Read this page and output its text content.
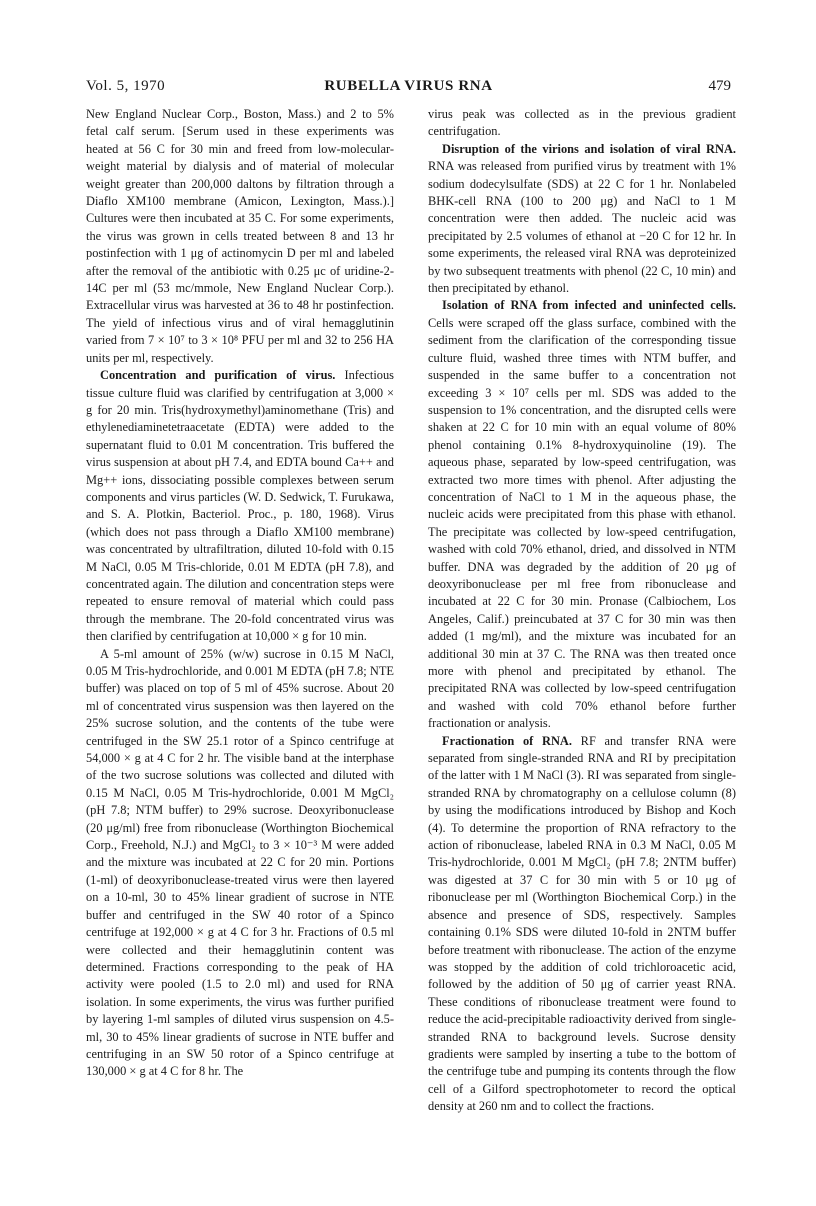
Vol. 5, 1970	RUBELLA VIRUS RNA	479

New England Nuclear Corp., Boston, Mass.) and 2 to 5% fetal calf serum. [Serum used in these experiments was heated at 56 C for 30 min and freed from low-molecular-weight material by dialysis and of material of molecular weight greater than 200,000 daltons by filtration through a Diaflo XM100 membrane (Amicon, Lexington, Mass.).] Cultures were then incubated at 35 C. For some experiments, the virus was grown in cells treated between 8 and 13 hr postinfection with 1 μg of actinomycin D per ml and labeled after the removal of the antibiotic with 0.25 μc of uridine-2-14C per ml (53 mc/mmole, New England Nuclear Corp.). Extracellular virus was harvested at 36 to 48 hr postinfection. The yield of infectious virus and of viral hemagglutinin varied from 7 × 10⁷ to 3 × 10⁸ PFU per ml and 32 to 256 HA units per ml, respectively.

Concentration and purification of virus. Infectious tissue culture fluid was clarified by centrifugation at 3,000 × g for 20 min. Tris(hydroxymethyl)aminomethane (Tris) and ethylenediaminetetraacetate (EDTA) were added to the supernatant fluid to 0.01 M concentration. Tris buffered the virus suspension at about pH 7.4, and EDTA bound Ca++ and Mg++ ions, dissociating possible complexes between serum components and virus particles (W. D. Sedwick, T. Furukawa, and S. A. Plotkin, Bacteriol. Proc., p. 180, 1968). Virus (which does not pass through a Diaflo XM100 membrane) was concentrated by ultrafiltration, diluted 10-fold with 0.15 M NaCl, 0.05 M Tris-chloride, 0.01 M EDTA (pH 7.8), and concentrated again. The dilution and concentration steps were repeated to ensure removal of material which could pass through the membrane. The 20-fold concentrated virus was then clarified by centrifugation at 10,000 × g for 10 min.

A 5-ml amount of 25% (w/w) sucrose in 0.15 M NaCl, 0.05 M Tris-hydrochloride, and 0.001 M EDTA (pH 7.8; NTE buffer) was placed on top of 5 ml of 45% sucrose. About 20 ml of concentrated virus suspension was then layered on the 25% sucrose solution, and the contents of the tube were centrifuged in the SW 25.1 rotor of a Spinco centrifuge at 54,000 × g at 4 C for 2 hr. The visible band at the interphase of the two sucrose solutions was collected and diluted with 0.15 M NaCl, 0.05 M Tris-hydrochloride, 0.001 M MgCl₂ (pH 7.8; NTM buffer) to 29% sucrose. Deoxyribonuclease (20 μg/ml) free from ribonuclease (Worthington Biochemical Corp., Freehold, N.J.) and MgCl₂ to 3 × 10⁻³ M were added and the mixture was incubated at 22 C for 20 min. Portions (1-ml) of deoxyribonuclease-treated virus were then layered on a 10-ml, 30 to 45% linear gradient of sucrose in NTE buffer and centrifuged in the SW 40 rotor of a Spinco centrifuge at 192,000 × g at 4 C for 3 hr. Fractions of 0.5 ml were collected and their hemagglutinin content was determined. Fractions corresponding to the peak of HA activity were pooled (1.5 to 2.0 ml) and used for RNA isolation. In some experiments, the virus was further purified by layering 1-ml samples of diluted virus suspension on 4.5-ml, 30 to 45% linear gradients of sucrose in NTE buffer and centrifuging in an SW 50 rotor of a Spinco centrifuge at 130,000 × g at 4 C for 8 hr. The

virus peak was collected as in the previous gradient centrifugation.

Disruption of the virions and isolation of viral RNA. RNA was released from purified virus by treatment with 1% sodium dodecylsulfate (SDS) at 22 C for 1 hr. Nonlabeled BHK-cell RNA (100 to 200 μg) and NaCl to 1 M concentration were then added. The nucleic acid was precipitated by 2.5 volumes of ethanol at −20 C for 12 hr. In some experiments, the released viral RNA was deproteinized by two subsequent treatments with phenol (22 C, 10 min) and then precipitated by ethanol.

Isolation of RNA from infected and uninfected cells. Cells were scraped off the glass surface, combined with the sediment from the clarification of the corresponding tissue culture fluid, washed three times with NTM buffer, and suspended in the same buffer to a concentration not exceeding 3 × 10⁷ cells per ml. SDS was added to the suspension to 1% concentration, and the disrupted cells were shaken at 22 C for 10 min with an equal volume of 80% phenol containing 0.1% 8-hydroxyquinoline (19). The aqueous phase, separated by low-speed centrifugation, was extracted two more times with phenol. After adjusting the concentration of NaCl to 1 M in the aqueous phase, the nucleic acids were precipitated from this phase with ethanol. The precipitate was collected by low-speed centrifugation, washed with cold 70% ethanol, dried, and dissolved in NTM buffer. DNA was degraded by the addition of 20 μg of deoxyribonuclease per ml free from ribonuclease and incubated at 22 C for 30 min. Pronase (Calbiochem, Los Angeles, Calif.) preincubated at 37 C for 30 min was then added (1 mg/ml), and the mixture was incubated for an additional 30 min at 37 C. The RNA was then treated once more with phenol and precipitated by ethanol. The precipitated RNA was collected by low-speed centrifugation and washed with cold 70% ethanol before further fractionation or analysis.

Fractionation of RNA. RF and transfer RNA were separated from single-stranded RNA and RI by precipitation of the latter with 1 M NaCl (3). RI was separated from single-stranded RNA by chromatography on a cellulose column (8) by using the modifications introduced by Bishop and Koch (4). To determine the proportion of RNA refractory to the action of ribonuclease, labeled RNA in 0.3 M NaCl, 0.05 M Tris-hydrochloride, 0.001 M MgCl₂ (pH 7.8; 2NTM buffer) was digested at 37 C for 30 min with 5 or 10 μg of ribonuclease per ml (Worthington Biochemical Corp.) in the absence and presence of SDS, respectively. Samples containing 0.1% SDS were diluted 10-fold in 2NTM buffer before treatment with ribonuclease. The action of the enzyme was stopped by the addition of cold trichloroacetic acid, followed by the addition of 50 μg of carrier yeast RNA. These conditions of ribonuclease treatment were found to reduce the acid-precipitable radioactivity derived from single-stranded RNA to background levels. Sucrose density gradients were sampled by inserting a tube to the bottom of the centrifuge tube and pumping its contents through the flow cell of a Gilford spectrophotometer to record the optical density at 260 nm and to collect the fractions.
